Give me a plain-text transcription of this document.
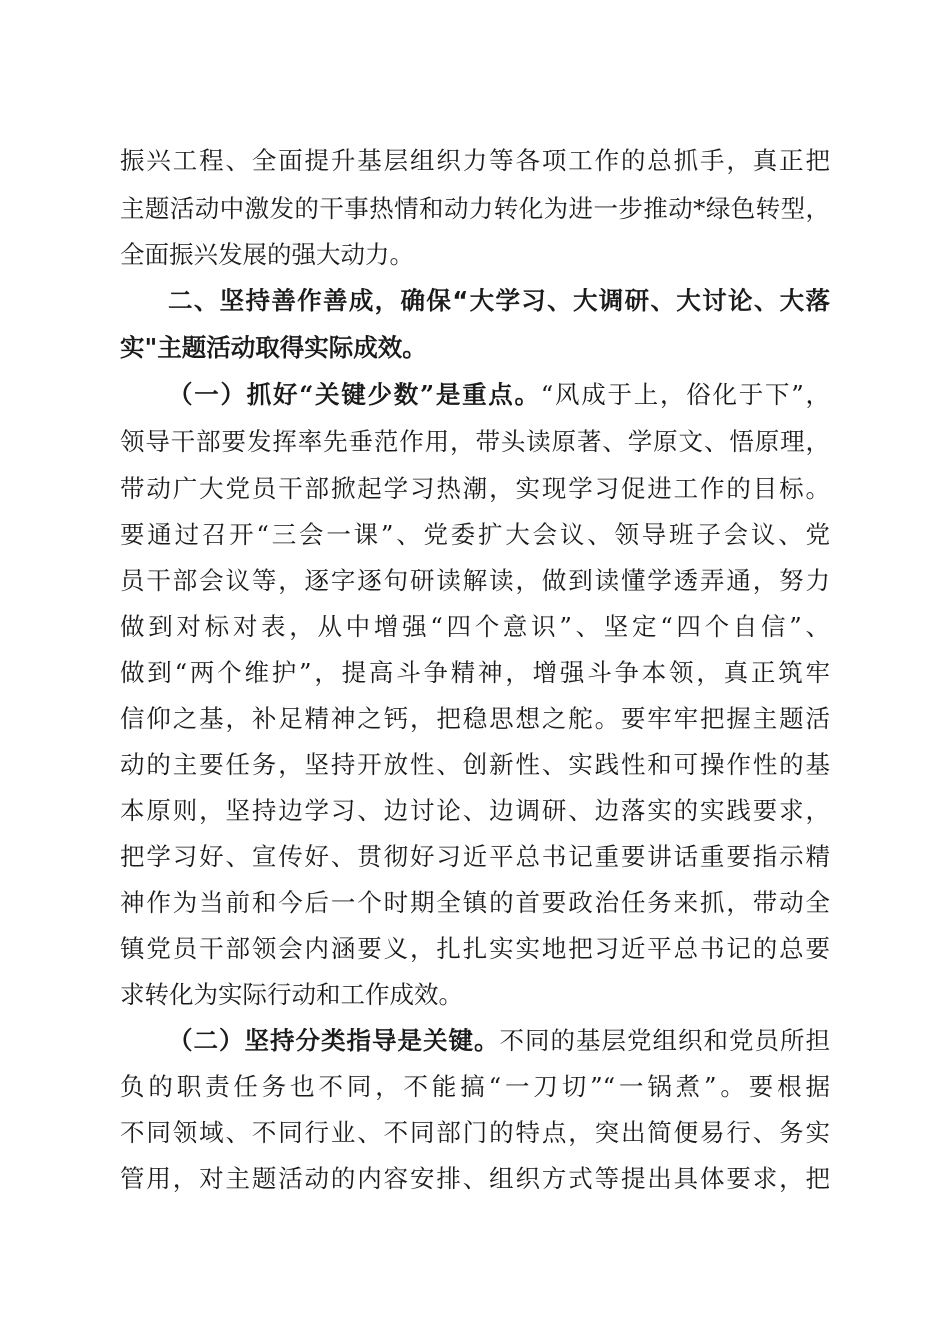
振兴工程、全面提升基层组织力等各项工作的总抓手，真正把
主题活动中激发的干事热情和动力转化为进一步推动*绿色转型，
全面振兴发展的强大动力。
二、坚持善作善成，确保“大学习、大调研、大讨论、大落
实"主题活动取得实际成效。
（一）抓好“关键少数”是重点。“风成于上，俗化于下”，
领导干部要发挥率先垂范作用，带头读原著、学原文、悟原理，
带动广大党员干部掀起学习热潮，实现学习促进工作的目标。
要通过召开“三会一课”、党委扩大会议、领导班子会议、党
员干部会议等，逐字逐句研读解读，做到读懂学透弄通，努力
做到对标对表，从中增强“四个意识”、坚定“四个自信”、
做到“两个维护”，提高斗争精神，增强斗争本领，真正筑牢
信仰之基，补足精神之钙，把稳思想之舵。要牢牢把握主题活
动的主要任务，坚持开放性、创新性、实践性和可操作性的基
本原则，坚持边学习、边讨论、边调研、边落实的实践要求，
把学习好、宣传好、贯彻好习近平总书记重要讲话重要指示精
神作为当前和今后一个时期全镇的首要政治任务来抓，带动全
镇党员干部领会内涵要义，扎扎实实地把习近平总书记的总要
求转化为实际行动和工作成效。
（二）坚持分类指导是关键。不同的基层党组织和党员所担
负的职责任务也不同，不能搞“一刀切”“一锅煮”。要根据
不同领域、不同行业、不同部门的特点，突出简便易行、务实
管用，对主题活动的内容安排、组织方式等提出具体要求，把
